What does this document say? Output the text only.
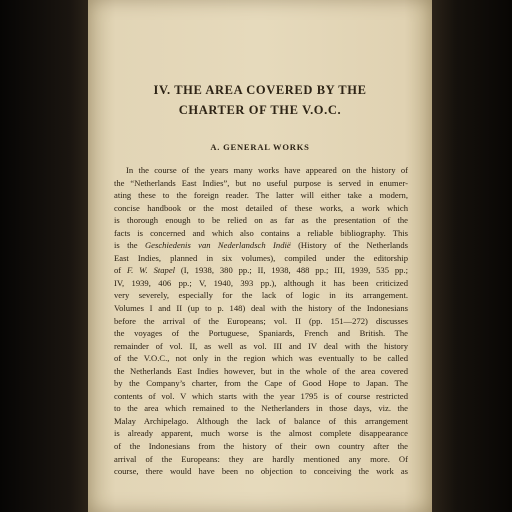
IV. THE AREA COVERED BY THE
CHARTER OF THE V.O.C.
A. GENERAL WORKS
In the course of the years many works have appeared on the history of
the “Netherlands East Indies”, but no useful purpose is served in enumer-
ating these to the foreign reader. The latter will either take a modern,
concise handbook or the most detailed of these works, a work which
is thorough enough to be relied on as far as the presentation of the
facts is concerned and which also contains a reliable bibliography. This
is the Geschiedenis van Nederlandsch Indië (History of the Netherlands
East Indies, planned in six volumes), compiled under the editorship
of F. W. Stapel (I, 1938, 380 pp.; II, 1938, 488 pp.; III, 1939, 535 pp.;
IV, 1939, 406 pp.; V, 1940, 393 pp.), although it has been criticized
very severely, especially for the lack of logic in its arrangement.
Volumes I and II (up to p. 148) deal with the history of the Indonesians
before the arrival of the Europeans; vol. II (pp. 151—272) discusses
the voyages of the Portuguese, Spaniards, French and British. The
remainder of vol. II, as well as vol. III and IV deal with the history
of the V.O.C., not only in the region which was eventually to be called
the Netherlands East Indies however, but in the whole of the area covered
by the Company’s charter, from the Cape of Good Hope to Japan. The
contents of vol. V which starts with the year 1795 is of course restricted
to the area which remained to the Netherlanders in those days, viz. the
Malay Archipelago. Although the lack of balance of this arrangement
is already apparent, much worse is the almost complete disappearance
of the Indonesians from the history of their own country after the
arrival of the Europeans: they are hardly mentioned any more. Of
course, there would have been no objection to conceiving the work as
